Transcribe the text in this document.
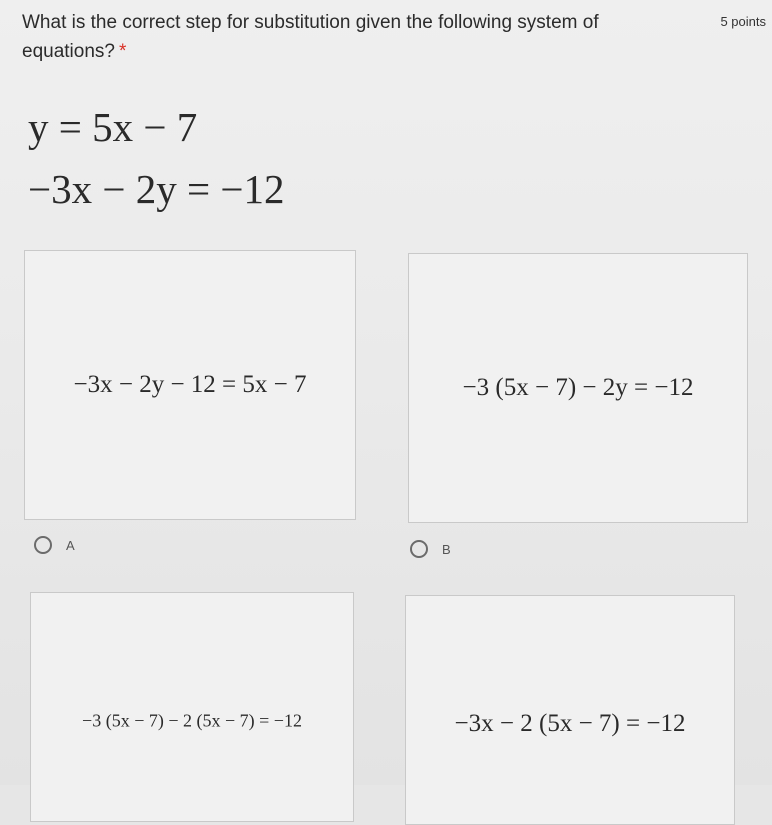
What is the correct step for substitution given the following system of equations? *
5 points
y = 5x − 7
−3x − 2y = −12
−3x − 2y − 12 = 5x − 7
A
−3 (5x − 7) − 2y = −12
B
−3 (5x − 7) − 2 (5x − 7) = −12	−3x − 2 (5x − 7) = −12
